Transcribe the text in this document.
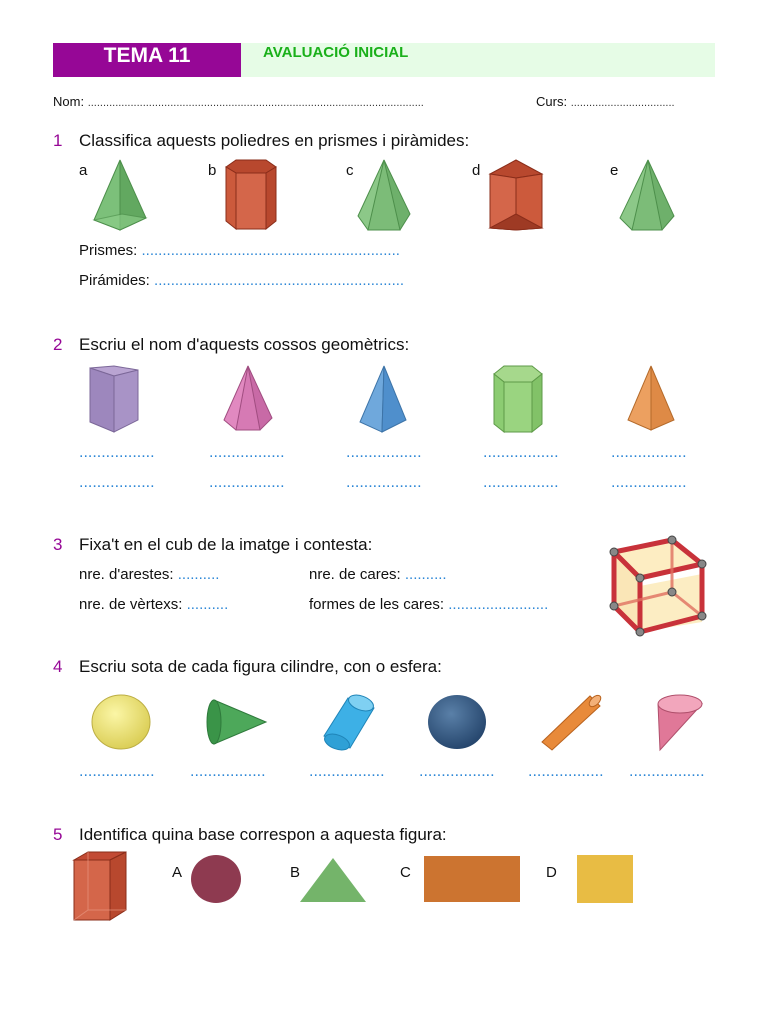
TEMA 11	AVALUACIÓ INICIAL
Nom: ..............................................................................................................	Curs: ..................................
1 Classifica aquests poliedres en prismes i piràmides:
a	b	c	d	e
Prismes: ..............................................................
Pirámides: ............................................................
2 Escriu el nom d'aquests cossos geomètrics:
.................	.................	.................	.................	.................
.................	.................	.................	.................	.................
3 Fixa't en el cub de la imatge i contesta:
nre. d'arestes: ..........	nre. de cares: ..........
nre. de vèrtexs: ..........	formes de les cares: ........................
4 Escriu sota de cada figura cilindre, con o esfera:
................. .................	................. ................. ................. .................
5 Identifica quina base correspon a aquesta figura:
A	B	C	D
